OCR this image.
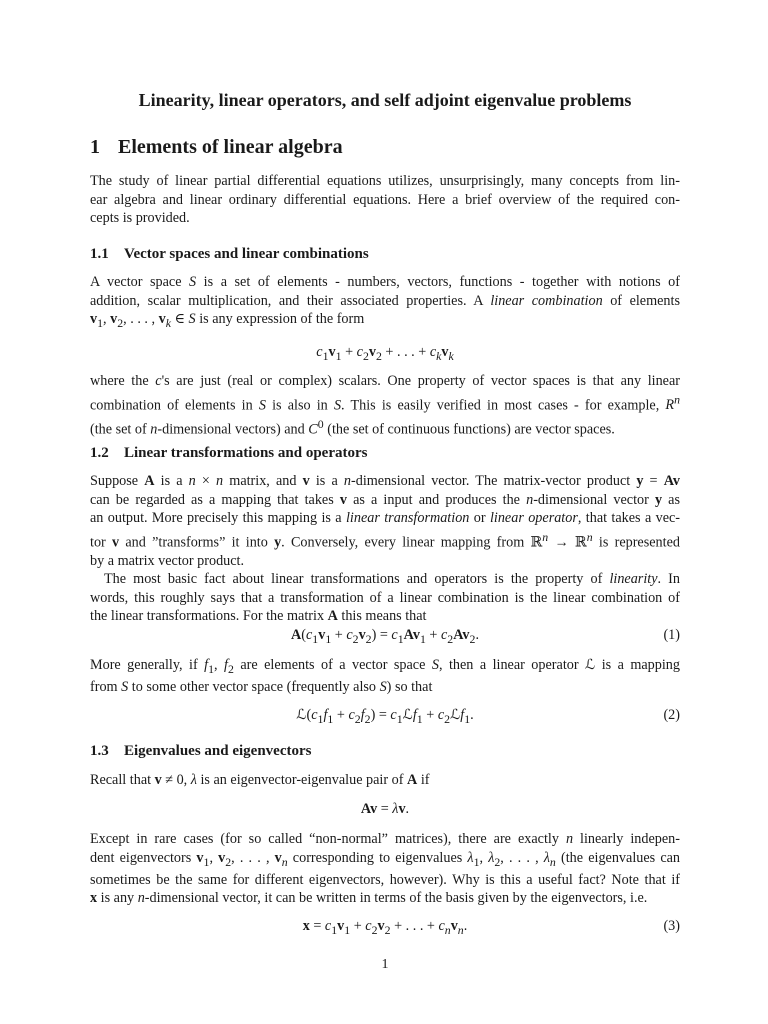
Linearity, linear operators, and self adjoint eigenvalue problems
1 Elements of linear algebra
The study of linear partial differential equations utilizes, unsurprisingly, many concepts from lin-
ear algebra and linear ordinary differential equations. Here a brief overview of the required con-
cepts is provided.
1.1 Vector spaces and linear combinations
A vector space S is a set of elements - numbers, vectors, functions - together with notions of
addition, scalar multiplication, and their associated properties. A linear combination of elements
$v_1$, $v_2$, . . . , $v_k$ ∈ S is any expression of the form
$c_1v_1 + c_2v_2$ + . . . + $c_kv_k$
where the c's are just (real or complex) scalars. One property of vector spaces is that any linear
combination of elements in S is also in S. This is easily verified in most cases - for example, $R^n$
(the set of n-dimensional vectors) and $C^0$ (the set of continuous functions) are vector spaces.
1.2 Linear transformations and operators
Suppose A is a n × n matrix, and v is a n-dimensional vector. The matrix-vector product y = Av
can be regarded as a mapping that takes v as a input and produces the n-dimensional vector y as
an output. More precisely this mapping is a linear transformation or linear operator, that takes a vec-
tor v and ”transforms” it into y. Conversely, every linear mapping from ℝ$^n$ → ℝ$^n$ is represented
by a matrix vector product.
The most basic fact about linear transformations and operators is the property of linearity. In
words, this roughly says that a transformation of a linear combination is the linear combination of
the linear transformations. For the matrix A this means that
$A(c_1v_1 + c_2v_2) = c_1Av_1 + c_2Av_2$.	(1)
More generally, if $f_1$, $f_2$ are elements of a vector space S, then a linear operator ℒ is a mapping
from S to some other vector space (frequently also S) so that
$ℒ(c_1f_1 + c_2f_2)$ = $c_1ℒf_1$ + $c_2ℒf_1$.	(2)
1.3 Eigenvalues and eigenvectors
Recall that v ≠ 0, λ is an eigenvector-eigenvalue pair of A if
Av = λv.
Except in rare cases (for so called “non-normal” matrices), there are exactly n linearly indepen-
dent eigenvectors $v_1$, $v_2$, . . . , $v_n$ corresponding to eigenvalues $\lambda_1$, $\lambda_2$, . . . , $\lambda_n$ (the eigenvalues can
sometimes be the same for different eigenvectors, however). Why is this a useful fact? Note that if
x is any n-dimensional vector, it can be written in terms of the basis given by the eigenvectors, i.e.
$x = c_1v_1 + c_2v_2$ + . . . + $c_nv_n$.	(3)
1
